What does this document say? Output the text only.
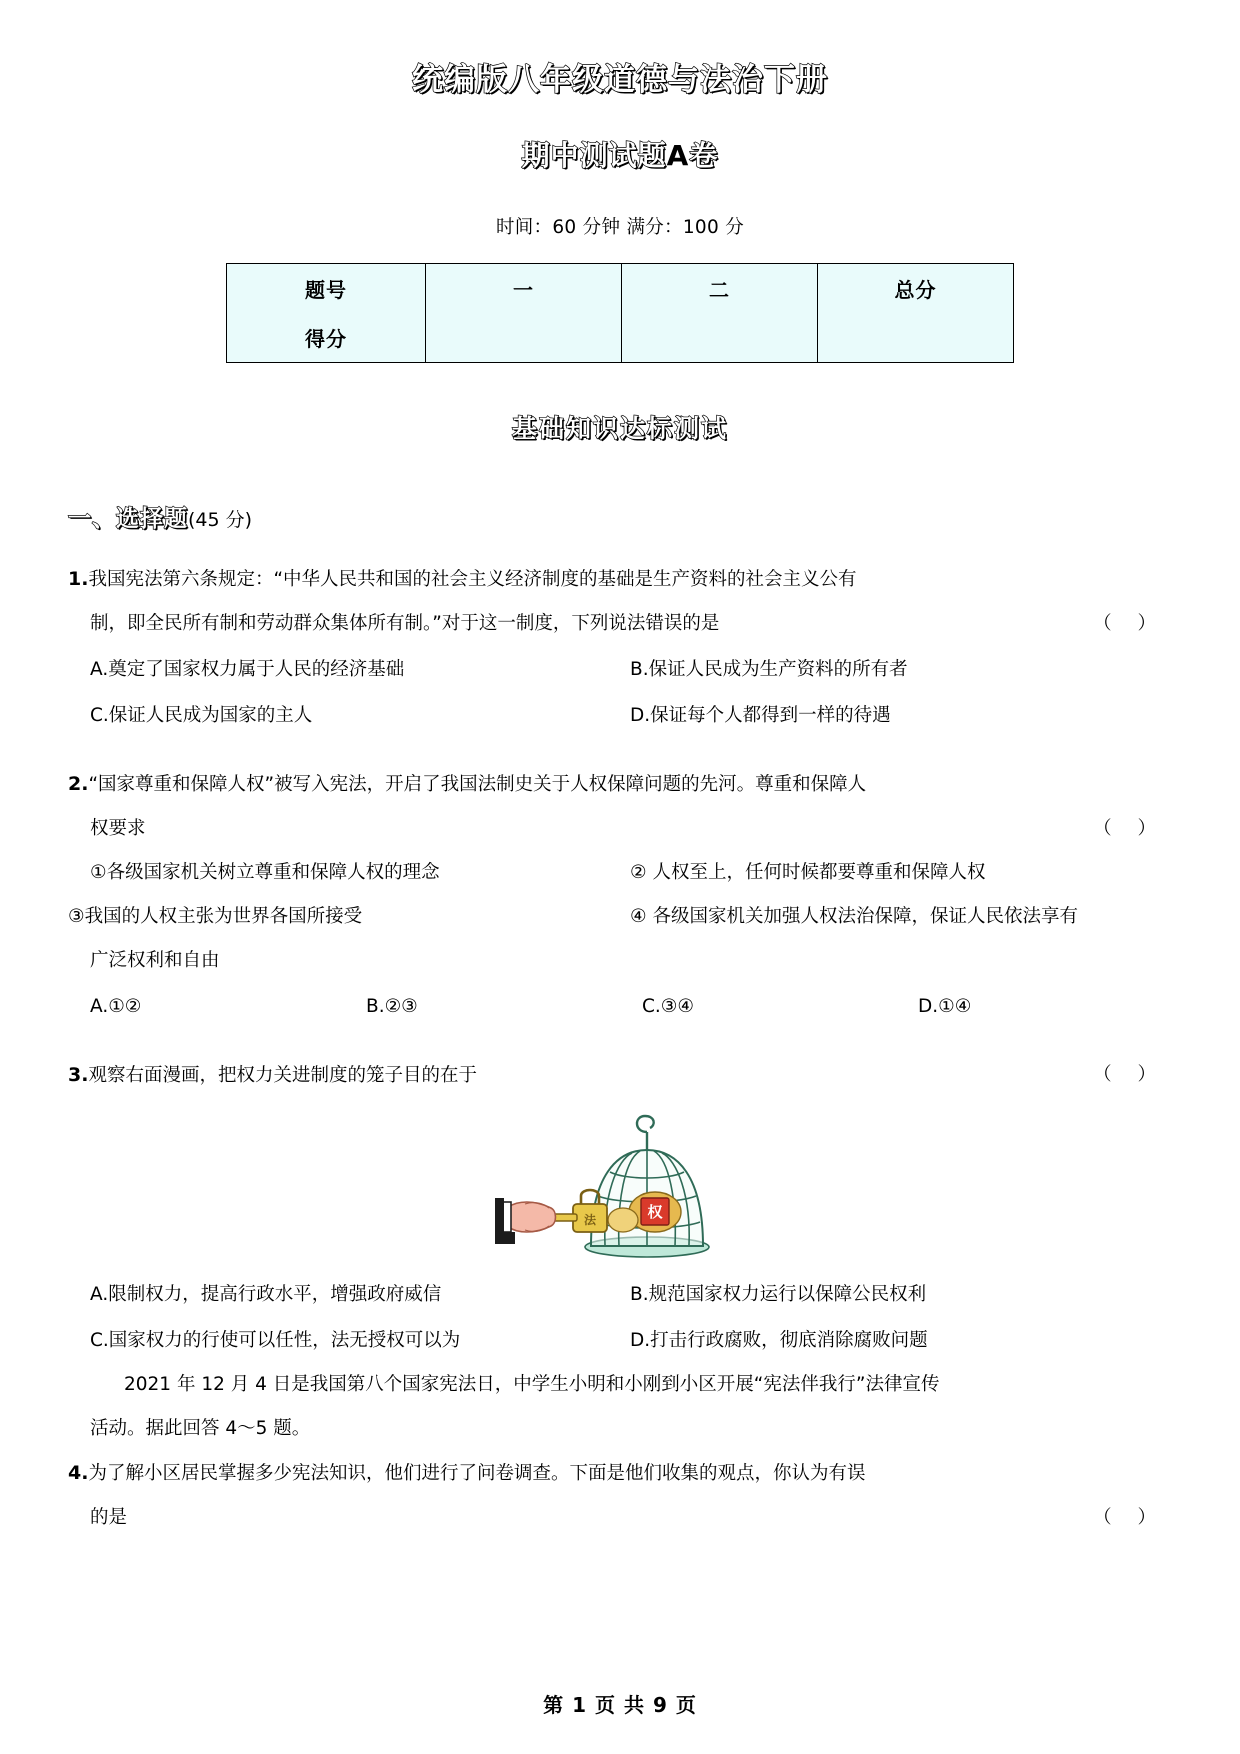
统编版八年级道德与法治下册
期中测试题A卷
时间：60 分钟 满分：100 分
题号	一	二	总分
得分			
基础知识达标测试
一、选择题(45 分)
1.我国宪法第六条规定：“中华人民共和国的社会主义经济制度的基础是生产资料的社会主义公有
制，即全民所有制和劳动群众集体所有制。”对于这一制度，下列说法错误的是	（ ）
A.奠定了国家权力属于人民的经济基础	B.保证人民成为生产资料的所有者
C.保证人民成为国家的主人	D.保证每个人都得到一样的待遇
2.“国家尊重和保障人权”被写入宪法，开启了我国法制史关于人权保障问题的先河。尊重和保障人
权要求	（ ）
①各级国家机关树立尊重和保障人权的理念	② 人权至上，任何时候都要尊重和保障人权
③我国的人权主张为世界各国所接受	④ 各级国家机关加强人权法治保障，保证人民依法享有
广泛权利和自由
A.①②	B.②③	C.③④	D.①④
3.观察右面漫画，把权力关进制度的笼子目的在于	（ ）
权
法
A.限制权力，提高行政水平，增强政府威信	B.规范国家权力运行以保障公民权利
C.国家权力的行使可以任性，法无授权可以为	D.打击行政腐败，彻底消除腐败问题
2021 年 12 月 4 日是我国第八个国家宪法日，中学生小明和小刚到小区开展“宪法伴我行”法律宣传
活动。据此回答 4～5 题。
4.为了解小区居民掌握多少宪法知识，他们进行了问卷调查。下面是他们收集的观点，你认为有误
的是	（ ）
第 1 页 共 9 页
